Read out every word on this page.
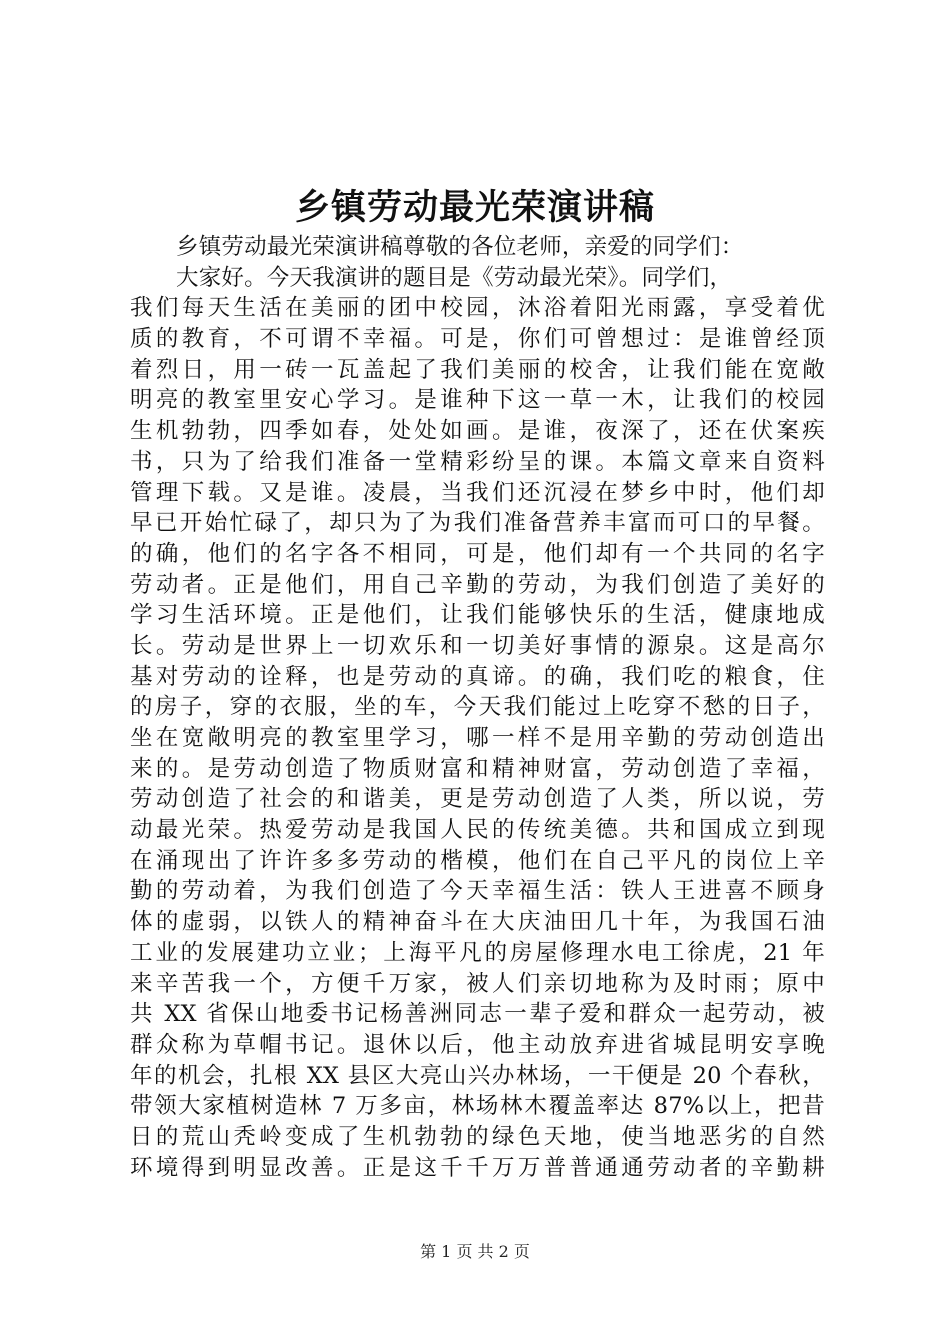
乡镇劳动最光荣演讲稿
乡镇劳动最光荣演讲稿尊敬的各位老师，亲爱的同学们：
大家好。今天我演讲的题目是《劳动最光荣》。同学们，
我们每天生活在美丽的团中校园，沐浴着阳光雨露，享受着优
质的教育，不可谓不幸福。可是，你们可曾想过：是谁曾经顶
着烈日，用一砖一瓦盖起了我们美丽的校舍，让我们能在宽敞
明亮的教室里安心学习。是谁种下这一草一木，让我们的校园
生机勃勃，四季如春，处处如画。是谁，夜深了，还在伏案疾
书，只为了给我们准备一堂精彩纷呈的课。本篇文章来自资料
管理下载。又是谁。凌晨，当我们还沉浸在梦乡中时，他们却
早已开始忙碌了，却只为了为我们准备营养丰富而可口的早餐。
的确，他们的名字各不相同，可是，他们却有一个共同的名字
劳动者。正是他们，用自己辛勤的劳动，为我们创造了美好的
学习生活环境。正是他们，让我们能够快乐的生活，健康地成
长。劳动是世界上一切欢乐和一切美好事情的源泉。这是高尔
基对劳动的诠释，也是劳动的真谛。的确，我们吃的粮食，住
的房子，穿的衣服，坐的车，今天我们能过上吃穿不愁的日子，
坐在宽敞明亮的教室里学习，哪一样不是用辛勤的劳动创造出
来的。是劳动创造了物质财富和精神财富，劳动创造了幸福，
劳动创造了社会的和谐美，更是劳动创造了人类，所以说，劳
动最光荣。热爱劳动是我国人民的传统美德。共和国成立到现
在涌现出了许许多多劳动的楷模，他们在自己平凡的岗位上辛
勤的劳动着，为我们创造了今天幸福生活：铁人王进喜不顾身
体的虚弱，以铁人的精神奋斗在大庆油田几十年，为我国石油
工业的发展建功立业；上海平凡的房屋修理水电工徐虎，21 年
来辛苦我一个，方便千万家，被人们亲切地称为及时雨；原中
共 XX 省保山地委书记杨善洲同志一辈子爱和群众一起劳动，被
群众称为草帽书记。退休以后，他主动放弃进省城昆明安享晚
年的机会，扎根 XX 县区大亮山兴办林场，一干便是 20 个春秋，
带领大家植树造林 7 万多亩，林场林木覆盖率达 87%以上，把昔
日的荒山秃岭变成了生机勃勃的绿色天地，使当地恶劣的自然
环境得到明显改善。正是这千千万万普普通通劳动者的辛勤耕
第 1 页 共 2 页
